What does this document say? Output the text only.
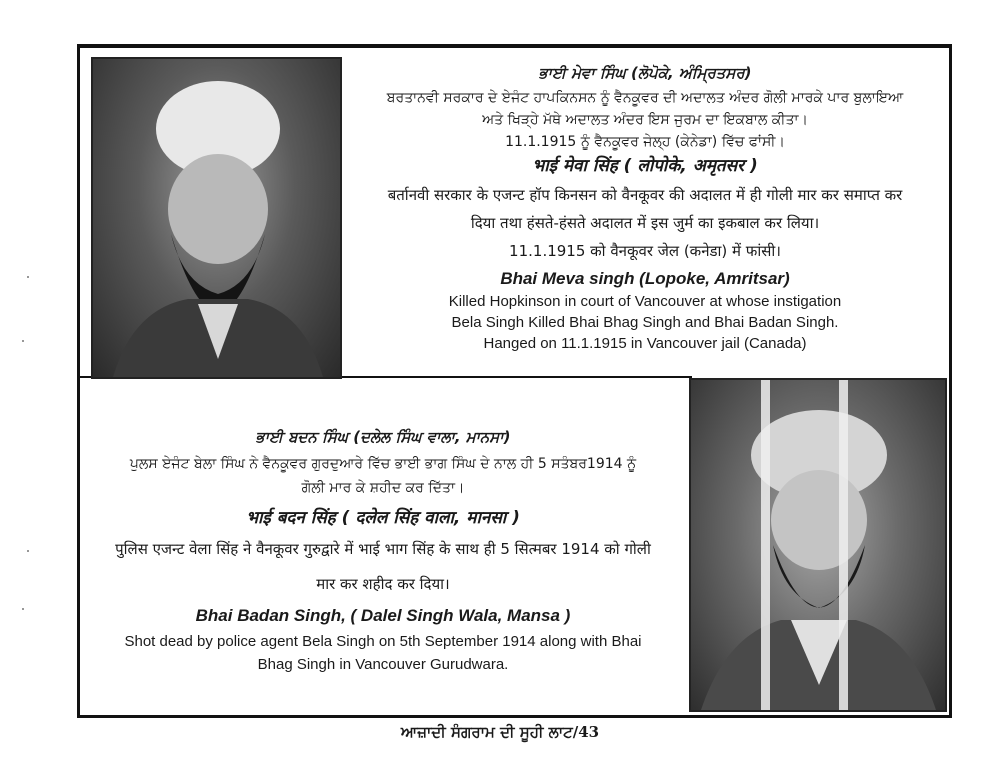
ਭਾਈ ਮੇਵਾ ਸਿੰਘ (ਲੋਪੋਕੇ, ਅੰਮ੍ਰਿਤਸਰ)
ਬਰਤਾਨਵੀ ਸਰਕਾਰ ਦੇ ਏਜੰਟ ਹਾਪਕਿਨਸਨ ਨੂੰ ਵੈਨਕੂਵਰ ਦੀ ਅਦਾਲਤ ਅੰਦਰ ਗੋਲੀ ਮਾਰਕੇ ਪਾਰ ਬੁਲਾਇਆ
ਅਤੇ ਖਿੜ੍ਹੇ ਮੱਥੇ ਅਦਾਲਤ ਅੰਦਰ ਇਸ ਜੁਰਮ ਦਾ ਇਕਬਾਲ ਕੀਤਾ।
11.1.1915 ਨੂੰ ਵੈਨਕੂਵਰ ਜੇਲ੍ਹ (ਕੇਨੇਡਾ) ਵਿੱਚ ਫਾਂਸੀ।
भाई मेवा सिंह ( लोपोके, अमृतसर )
बर्तानवी सरकार के एजन्ट हॉप किनसन को वैनकूवर की अदालत में ही गोली मार कर समाप्त कर
दिया तथा हंसते-हंसते अदालत में इस जुर्म का इकबाल कर लिया।
11.1.1915 को वैनकूवर जेल (कनेडा) में फांसी।
Bhai Meva singh (Lopoke, Amritsar)
Killed Hopkinson in court of Vancouver at whose instigation
Bela Singh Killed Bhai Bhag Singh and Bhai Badan Singh.
Hanged on 11.1.1915 in Vancouver jail (Canada)
ਭਾਈ ਬਦਨ ਸਿੰਘ (ਦਲੇਲ ਸਿੰਘ ਵਾਲਾ, ਮਾਨਸਾ)
ਪੁਲਸ ਏਜੰਟ ਬੇਲਾ ਸਿੰਘ ਨੇ ਵੈਨਕੂਵਰ ਗੁਰਦੁਆਰੇ ਵਿੱਚ ਭਾਈ ਭਾਗ ਸਿੰਘ ਦੇ ਨਾਲ ਹੀ 5 ਸਤੰਬਰ1914 ਨੂੰ
ਗੋਲੀ ਮਾਰ ਕੇ ਸ਼ਹੀਦ ਕਰ ਦਿੱਤਾ।
भाई बदन सिंह ( दलेल सिंह वाला, मानसा )
पुलिस एजन्ट वेला सिंह ने वैनकूवर गुरुद्वारे में भाई भाग सिंह के साथ ही 5 सित्मबर 1914 को गोली
मार कर शहीद कर दिया।
Bhai Badan Singh, ( Dalel Singh Wala, Mansa )
Shot dead by police agent Bela Singh on 5th September 1914 along with Bhai
Bhag Singh in Vancouver Gurudwara.
ਆਜ਼ਾਦੀ ਸੰਗਰਾਮ ਦੀ ਸੂਹੀ ਲਾਟ/43
